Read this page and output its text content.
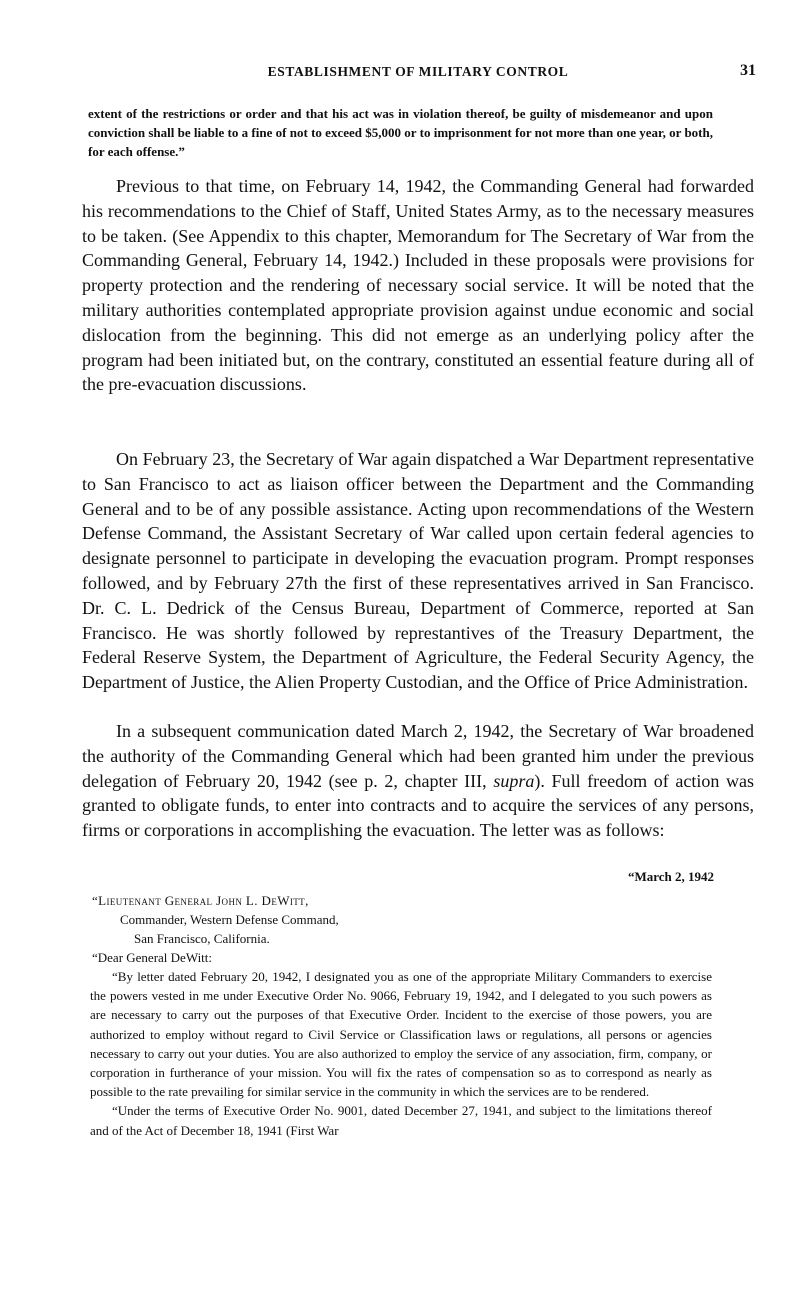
ESTABLISHMENT OF MILITARY CONTROL	31

extent of the restrictions or order and that his act was in violation thereof, be guilty of misdemeanor and upon conviction shall be liable to a fine of not to exceed $5,000 or to imprisonment for not more than one year, or both, for each offense.”

Previous to that time, on February 14, 1942, the Commanding General had forwarded his recommendations to the Chief of Staff, United States Army, as to the necessary measures to be taken. (See Appendix to this chapter, Memorandum for The Secretary of War from the Commanding General, February 14, 1942.) Included in these proposals were provisions for property protection and the rendering of necessary social service. It will be noted that the military authorities contemplated appropriate provision against undue economic and social dislocation from the beginning. This did not emerge as an underlying policy after the program had been initiated but, on the contrary, constituted an essential feature during all of the pre-evacuation discussions.

On February 23, the Secretary of War again dispatched a War Department representative to San Francisco to act as liaison officer between the Department and the Commanding General and to be of any possible assistance. Acting upon recommendations of the Western Defense Command, the Assistant Secretary of War called upon certain federal agencies to designate personnel to participate in developing the evacuation program. Prompt responses followed, and by February 27th the first of these representatives arrived in San Francisco. Dr. C. L. Dedrick of the Census Bureau, Department of Commerce, reported at San Francisco. He was shortly followed by represtantives of the Treasury Department, the Federal Reserve System, the Department of Agriculture, the Federal Security Agency, the Department of Justice, the Alien Property Custodian, and the Office of Price Administration.

In a subsequent communication dated March 2, 1942, the Secretary of War broadened the authority of the Commanding General which had been granted him under the previous delegation of February 20, 1942 (see p. 2, chapter III, supra). Full freedom of action was granted to obligate funds, to enter into contracts and to acquire the services of any persons, firms or corporations in accomplishing the evacuation. The letter was as follows:

“March 2, 1942

“Lieutenant General John L. DeWitt,

Commander, Western Defense Command,

San Francisco, California.

“Dear General DeWitt:

“By letter dated February 20, 1942, I designated you as one of the appropriate Military Commanders to exercise the powers vested in me under Executive Order No. 9066, February 19, 1942, and I delegated to you such powers as are necessary to carry out the purposes of that Executive Order. Incident to the exercise of those powers, you are authorized to employ without regard to Civil Service or Classification laws or regulations, all persons or agencies necessary to carry out your duties. You are also authorized to employ the service of any association, firm, company, or corporation in furtherance of your mission. You will fix the rates of compensation so as to correspond as nearly as possible to the rate prevailing for similar service in the community in which the services are to be rendered.
“Under the terms of Executive Order No. 9001, dated December 27, 1941, and subject to the limitations thereof and of the Act of December 18, 1941 (First War
